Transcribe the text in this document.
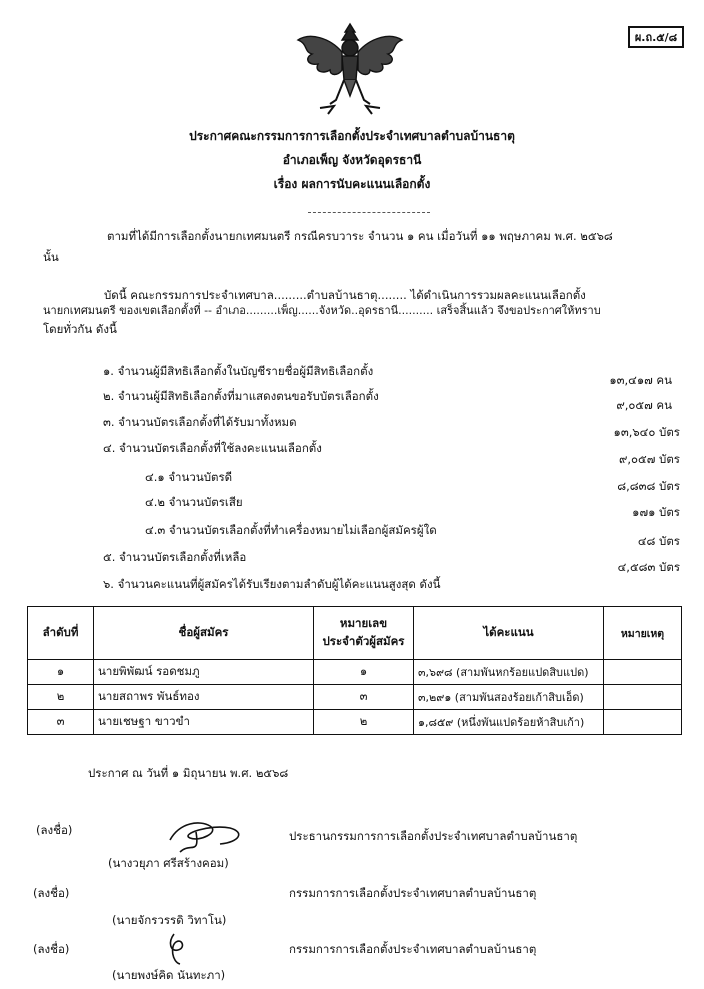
ผ.ถ.๕/๘
ประกาศคณะกรรมการการเลือกตั้งประจำเทศบาลตำบลบ้านธาตุ
อำเภอเพ็ญ จังหวัดอุดรธานี
เรื่อง ผลการนับคะแนนเลือกตั้ง
ตามที่ได้มีการเลือกตั้งนายกเทศมนตรี กรณีครบวาระ จำนวน ๑ คน เมื่อวันที่ ๑๑ พฤษภาคม พ.ศ. ๒๕๖๘
นั้น
บัดนี้ คณะกรรมการประจำเทศบาล.........ตำบลบ้านธาตุ........ ได้ดำเนินการรวมผลคะแนนเลือกตั้ง
นายกเทศมนตรี ของเขตเลือกตั้งที่ -- อำเภอ.........เพ็ญ......จังหวัด..อุดรธานี.......... เสร็จสิ้นแล้ว จึงขอประกาศให้ทราบ
โดยทั่วกัน ดังนี้
๑. จำนวนผู้มีสิทธิเลือกตั้งในบัญชีรายชื่อผู้มีสิทธิเลือกตั้ง
๑๓,๔๑๗ คน
๒. จำนวนผู้มีสิทธิเลือกตั้งที่มาแสดงตนขอรับบัตรเลือกตั้ง
๙,๐๕๗ คน
๓. จำนวนบัตรเลือกตั้งที่ได้รับมาทั้งหมด
๑๓,๖๔๐ บัตร
๔. จำนวนบัตรเลือกตั้งที่ใช้ลงคะแนนเลือกตั้ง
๙,๐๕๗ บัตร
๔.๑ จำนวนบัตรดี
๘,๘๓๘ บัตร
๔.๒ จำนวนบัตรเสีย
๑๗๑ บัตร
๔.๓ จำนวนบัตรเลือกตั้งที่ทำเครื่องหมายไม่เลือกผู้สมัครผู้ใด
๔๘ บัตร
๕. จำนวนบัตรเลือกตั้งที่เหลือ
๔,๕๘๓ บัตร
๖. จำนวนคะแนนที่ผู้สมัครได้รับเรียงตามลำดับผู้ได้คะแนนสูงสุด ดังนี้
ลำดับที่	ชื่อผู้สมัคร	หมายเลข
ประจำตัวผู้สมัคร	ได้คะแนน	หมายเหตุ
๑	นายพิพัฒน์ รอดชมภู	๑	๓,๖๙๘ (สามพันหกร้อยแปดสิบแปด)	
๒	นายสถาพร พันธ์ทอง	๓	๓,๒๙๑ (สามพันสองร้อยเก้าสิบเอ็ด)	
๓	นายเชษฐา ขาวขำ	๒	๑,๘๕๙ (หนึ่งพันแปดร้อยห้าสิบเก้า)	
ประกาศ ณ วันที่ ๑ มิถุนายน พ.ศ. ๒๕๖๘
(ลงชื่อ)	ประธานกรรมการการเลือกตั้งประจำเทศบาลตำบลบ้านธาตุ
(นางวยุภา ศรีสร้างคอม)
(ลงชื่อ)	กรรมการการเลือกตั้งประจำเทศบาลตำบลบ้านธาตุ
(นายจักรวรรดิ วิทาโน)
(ลงชื่อ)	กรรมการการเลือกตั้งประจำเทศบาลตำบลบ้านธาตุ
(นายพงษ์คิด นันทะภา)
